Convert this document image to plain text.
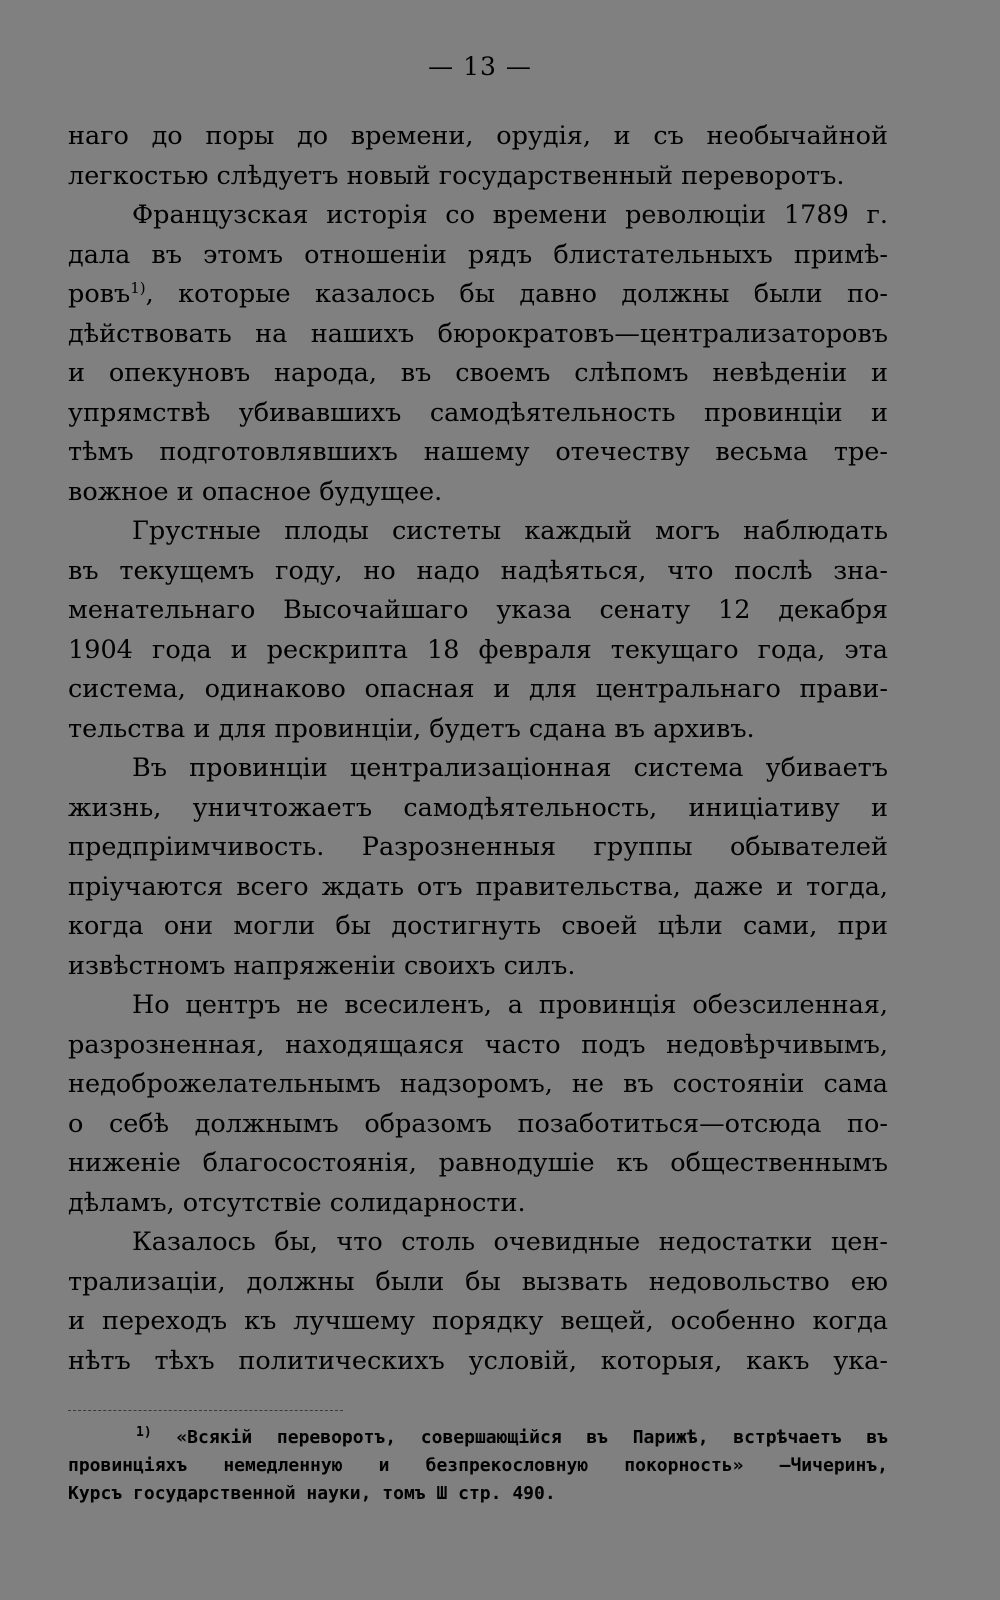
— 13 —
наго до поры до времени, орудія, и съ необычайной
легкостью слѣдуетъ новый государственный переворотъ.
Французская исторія со времени революціи 1789 г.
дала въ этомъ отношеніи рядъ блистательныхъ примѣ-
ровъ$^{1)}$, которые казалось бы давно должны были по-
дѣйствовать на нашихъ бюрократовъ—централизаторовъ
и опекуновъ народа, въ своемъ слѣпомъ невѣденіи и
упрямствѣ убивавшихъ самодѣятельность провинціи и
тѣмъ подготовлявшихъ нашему отечеству весьма тре-
вожное и опасное будущее.
Грустные плоды систеты каждый могъ наблюдать
въ текущемъ году, но надо надѣяться, что послѣ зна-
менательнаго Высочайшаго указа сенату 12 декабря
1904 года и рескрипта 18 февраля текущаго года, эта
система, одинаково опасная и для центральнаго прави-
тельства и для провинціи, будетъ сдана въ архивъ.
Въ провинціи централизаціонная система убиваетъ
жизнь, уничтожаетъ самодѣятельность, иниціативу и
предпріимчивость. Разрозненныя группы обывателей
пріучаются всего ждать отъ правительства, даже и тогда,
когда они могли бы достигнуть своей цѣли сами, при
извѣстномъ напряженіи своихъ силъ.
Но центръ не всесиленъ, а провинція обезсиленная,
разрозненная, находящаяся часто подъ недовѣрчивымъ,
недоброжелательнымъ надзоромъ, не въ состояніи сама
о себѣ должнымъ образомъ позаботиться—отсюда по-
ниженіе благосостоянія, равнодушіе къ общественнымъ
дѣламъ, отсутствіе солидарности.
Казалось бы, что столь очевидные недостатки цен-
трализаціи, должны были бы вызвать недовольство ею
и переходъ къ лучшему порядку вещей, особенно когда
нѣтъ тѣхъ политическихъ условій, которыя, какъ ука-
$^{1)}$ «Всякій переворотъ, совершающійся въ Парижѣ, встрѣчаетъ въ
провинціяхъ немедленную и безпрекословную покорность» —Чичеринъ,
Курсъ государственной науки, томъ Ш стр. 490.
